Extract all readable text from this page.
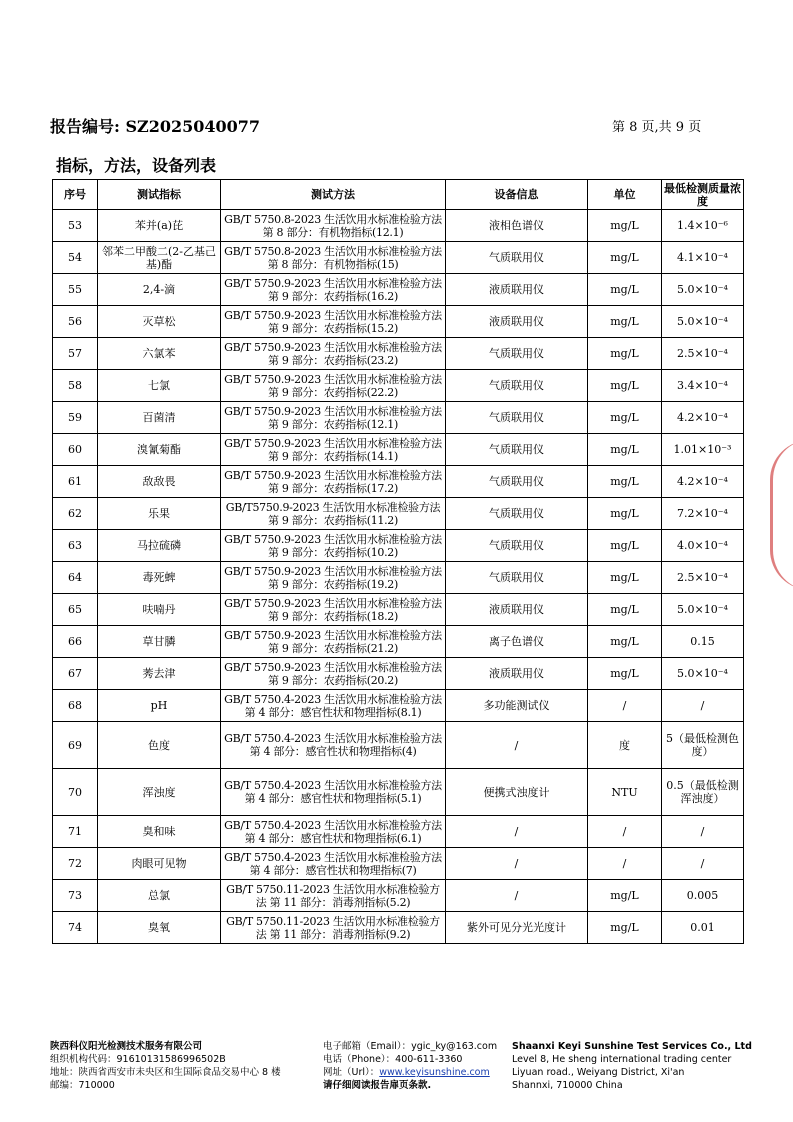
报告编号: SZ2025040077	第 8 页,共 9 页
指标，方法，设备列表
序号	测试指标	测试方法	设备信息	单位	最低检测质量浓度
53	苯并(a)芘	GB/T 5750.8-2023 生活饮用水标准检验方法
第 8 部分：有机物指标(12.1)	液相色谱仪	mg/L	1.4×10⁻⁶
54	邻苯二甲酸二(2-乙基己基)酯	GB/T 5750.8-2023 生活饮用水标准检验方法
第 8 部分：有机物指标(15)	气质联用仪	mg/L	4.1×10⁻⁴
55	2,4-滴	GB/T 5750.9-2023 生活饮用水标准检验方法
第 9 部分：农药指标(16.2)	液质联用仪	mg/L	5.0×10⁻⁴
56	灭草松	GB/T 5750.9-2023 生活饮用水标准检验方法
第 9 部分：农药指标(15.2)	液质联用仪	mg/L	5.0×10⁻⁴
57	六氯苯	GB/T 5750.9-2023 生活饮用水标准检验方法
第 9 部分：农药指标(23.2)	气质联用仪	mg/L	2.5×10⁻⁴
58	七氯	GB/T 5750.9-2023 生活饮用水标准检验方法
第 9 部分：农药指标(22.2)	气质联用仪	mg/L	3.4×10⁻⁴
59	百菌清	GB/T 5750.9-2023 生活饮用水标准检验方法
第 9 部分：农药指标(12.1)	气质联用仪	mg/L	4.2×10⁻⁴
60	溴氰菊酯	GB/T 5750.9-2023 生活饮用水标准检验方法
第 9 部分：农药指标(14.1)	气质联用仪	mg/L	1.01×10⁻³
61	敌敌畏	GB/T 5750.9-2023 生活饮用水标准检验方法
第 9 部分：农药指标(17.2)	气质联用仪	mg/L	4.2×10⁻⁴
62	乐果	GB/T5750.9-2023 生活饮用水标准检验方法
第 9 部分：农药指标(11.2)	气质联用仪	mg/L	7.2×10⁻⁴
63	马拉硫磷	GB/T 5750.9-2023 生活饮用水标准检验方法
第 9 部分：农药指标(10.2)	气质联用仪	mg/L	4.0×10⁻⁴
64	毒死蜱	GB/T 5750.9-2023 生活饮用水标准检验方法
第 9 部分：农药指标(19.2)	气质联用仪	mg/L	2.5×10⁻⁴
65	呋喃丹	GB/T 5750.9-2023 生活饮用水标准检验方法
第 9 部分：农药指标(18.2)	液质联用仪	mg/L	5.0×10⁻⁴
66	草甘膦	GB/T 5750.9-2023 生活饮用水标准检验方法
第 9 部分：农药指标(21.2)	离子色谱仪	mg/L	0.15
67	莠去津	GB/T 5750.9-2023 生活饮用水标准检验方法
第 9 部分：农药指标(20.2)	液质联用仪	mg/L	5.0×10⁻⁴
68	pH	GB/T 5750.4-2023 生活饮用水标准检验方法
第 4 部分：感官性状和物理指标(8.1)	多功能测试仪	/	/
69	色度	GB/T 5750.4-2023 生活饮用水标准检验方法
第 4 部分：感官性状和物理指标(4)	/	度	5（最低检测色度）
70	浑浊度	GB/T 5750.4-2023 生活饮用水标准检验方法
第 4 部分：感官性状和物理指标(5.1)	便携式浊度计	NTU	0.5（最低检测浑浊度）
71	臭和味	GB/T 5750.4-2023 生活饮用水标准检验方法
第 4 部分：感官性状和物理指标(6.1)	/	/	/
72	肉眼可见物	GB/T 5750.4-2023 生活饮用水标准检验方法
第 4 部分：感官性状和物理指标(7)	/	/	/
73	总氯	GB/T 5750.11-2023 生活饮用水标准检验方
法 第 11 部分：消毒剂指标(5.2)	/	mg/L	0.005
74	臭氧	GB/T 5750.11-2023 生活饮用水标准检验方
法 第 11 部分：消毒剂指标(9.2)	紫外可见分光光度计	mg/L	0.01
陕西科仪阳光检测技术服务有限公司
组织机构代码：91610131586996502B
地址：陕西省西安市未央区和生国际食品交易中心 8 楼
邮编：710000
电子邮箱（Email）：ygic_ky@163.com
电话（Phone）：400-611-3360
网址（Url）：www.keyisunshine.com
请仔细阅读报告扉页条款.
Shaanxi Keyi Sunshine Test Services Co., Ltd
Level 8, He sheng international trading center
Liyuan road., Weiyang District, Xi'an
Shannxi, 710000 China
